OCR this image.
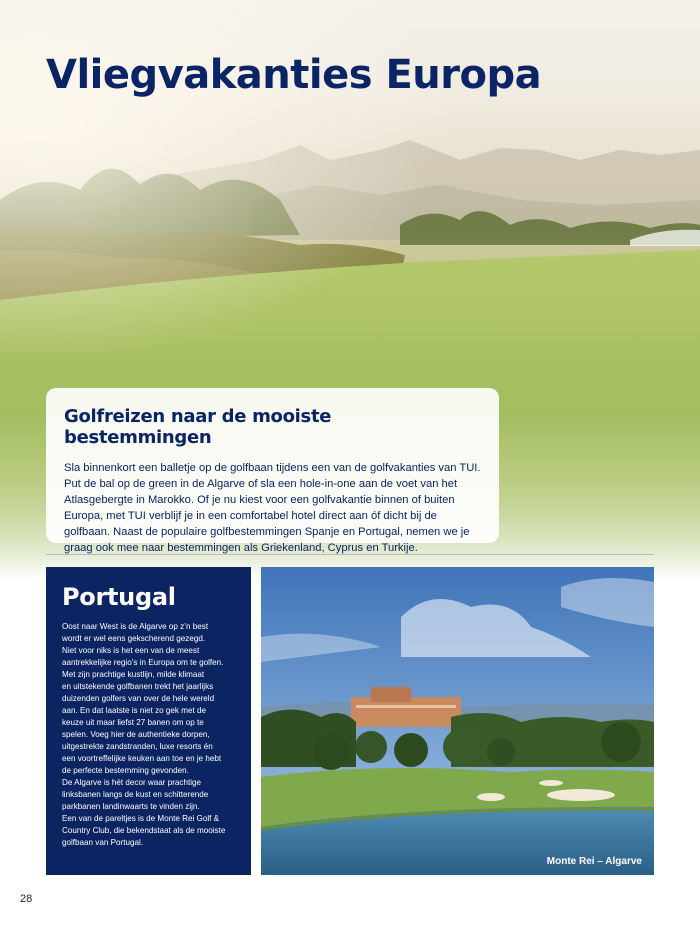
Vliegvakanties Europa
Golfreizen naar de mooiste bestemmingen

Sla binnenkort een balletje op de golfbaan tijdens een van de golfvakanties van TUI. Put de bal op de green in de Algarve of sla een hole-in-one aan de voet van het Atlasgebergte in Marokko. Of je nu kiest voor een golfvakantie binnen of buiten Europa, met TUI verblijf je in een comfortabel hotel direct aan óf dicht bij de golfbaan. Naast de populaire golfbestemmingen Spanje en Portugal, nemen we je graag ook mee naar bestemmingen als Griekenland, Cyprus en Turkije.

Portugal

Oost naar West is de Algarve op z’n best
wordt er wel eens gekscherend gezegd.
Niet voor niks is het een van de meest
aantrekkelijke regio’s in Europa om te golfen.
Met zijn prachtige kustlijn, milde klimaat
en uitstekende golfbanen trekt het jaarlijks
duizenden golfers van over de hele wereld
aan. En dat laatste is niet zo gek met de
keuze uit maar liefst 27 banen om op te
spelen. Voeg hier de authentieke dorpen,
uitgestrekte zandstranden, luxe resorts én
een voortreffelijke keuken aan toe en je hebt
de perfecte bestemming gevonden.
De Algarve is hét decor waar prachtige
linksbanen langs de kust en schitterende
parkbanen landinwaarts te vinden zijn.
Een van de pareltjes is de Monte Rei Golf &
Country Club, die bekendstaat als de mooiste
golfbaan van Portugal.

Monte Rei – Algarve
28
